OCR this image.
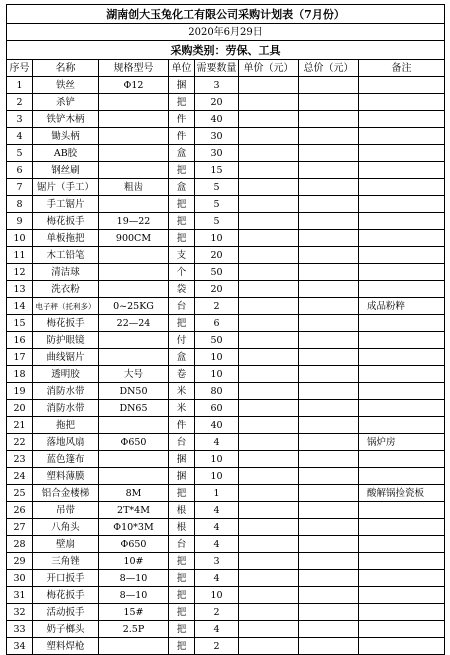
湖南创大玉兔化工有限公司采购计划表（7月份）							
2020年6月29日							
采购类别：劳保、工具							
序号	名称	规格型号	单位	需要数量	单价（元）	总价（元）	备注
1	铁丝	Φ12	捆	3			
2	杀铲		把	20			
3	铁铲木柄		件	40			
4	锄头柄		件	30			
5	AB胶		盒	30			
6	钢丝刷		把	15			
7	锯片（手工）	粗齿	盒	5			
8	手工锯片		把	5			
9	梅花扳手	19—22	把	5			
10	单板拖把	900CM	把	10			
11	木工铅笔		支	20			
12	清洁球		个	50			
13	洗衣粉		袋	20			
14	电子秤（托利多）	0~25KG	台	2			成品粉粹
15	梅花扳手	22—24	把	6			
16	防护眼镜		付	50			
17	曲线锯片		盒	10			
18	透明胶	大号	卷	10			
19	消防水带	DN50	米	80			
20	消防水带	DN65	米	60			
21	拖把		件	40			
22	落地风扇	Φ650	台	4			锅炉房
23	蓝色篷布		捆	10			
24	塑料薄膜		捆	10			
25	铝合金楼梯	8M	把	1			酸解锅捡瓷板
26	吊带	2T*4M	根	4			
27	八角头	Φ10*3M	根	4			
28	壁扇	Φ650	台	4			
29	三角锉	10#	把	3			
30	开口扳手	8—10	把	4			
31	梅花扳手	8—10	把	10			
32	活动扳手	15#	把	2			
33	奶子榔头	2.5P	把	4			
34	塑料焊枪		把	2			
